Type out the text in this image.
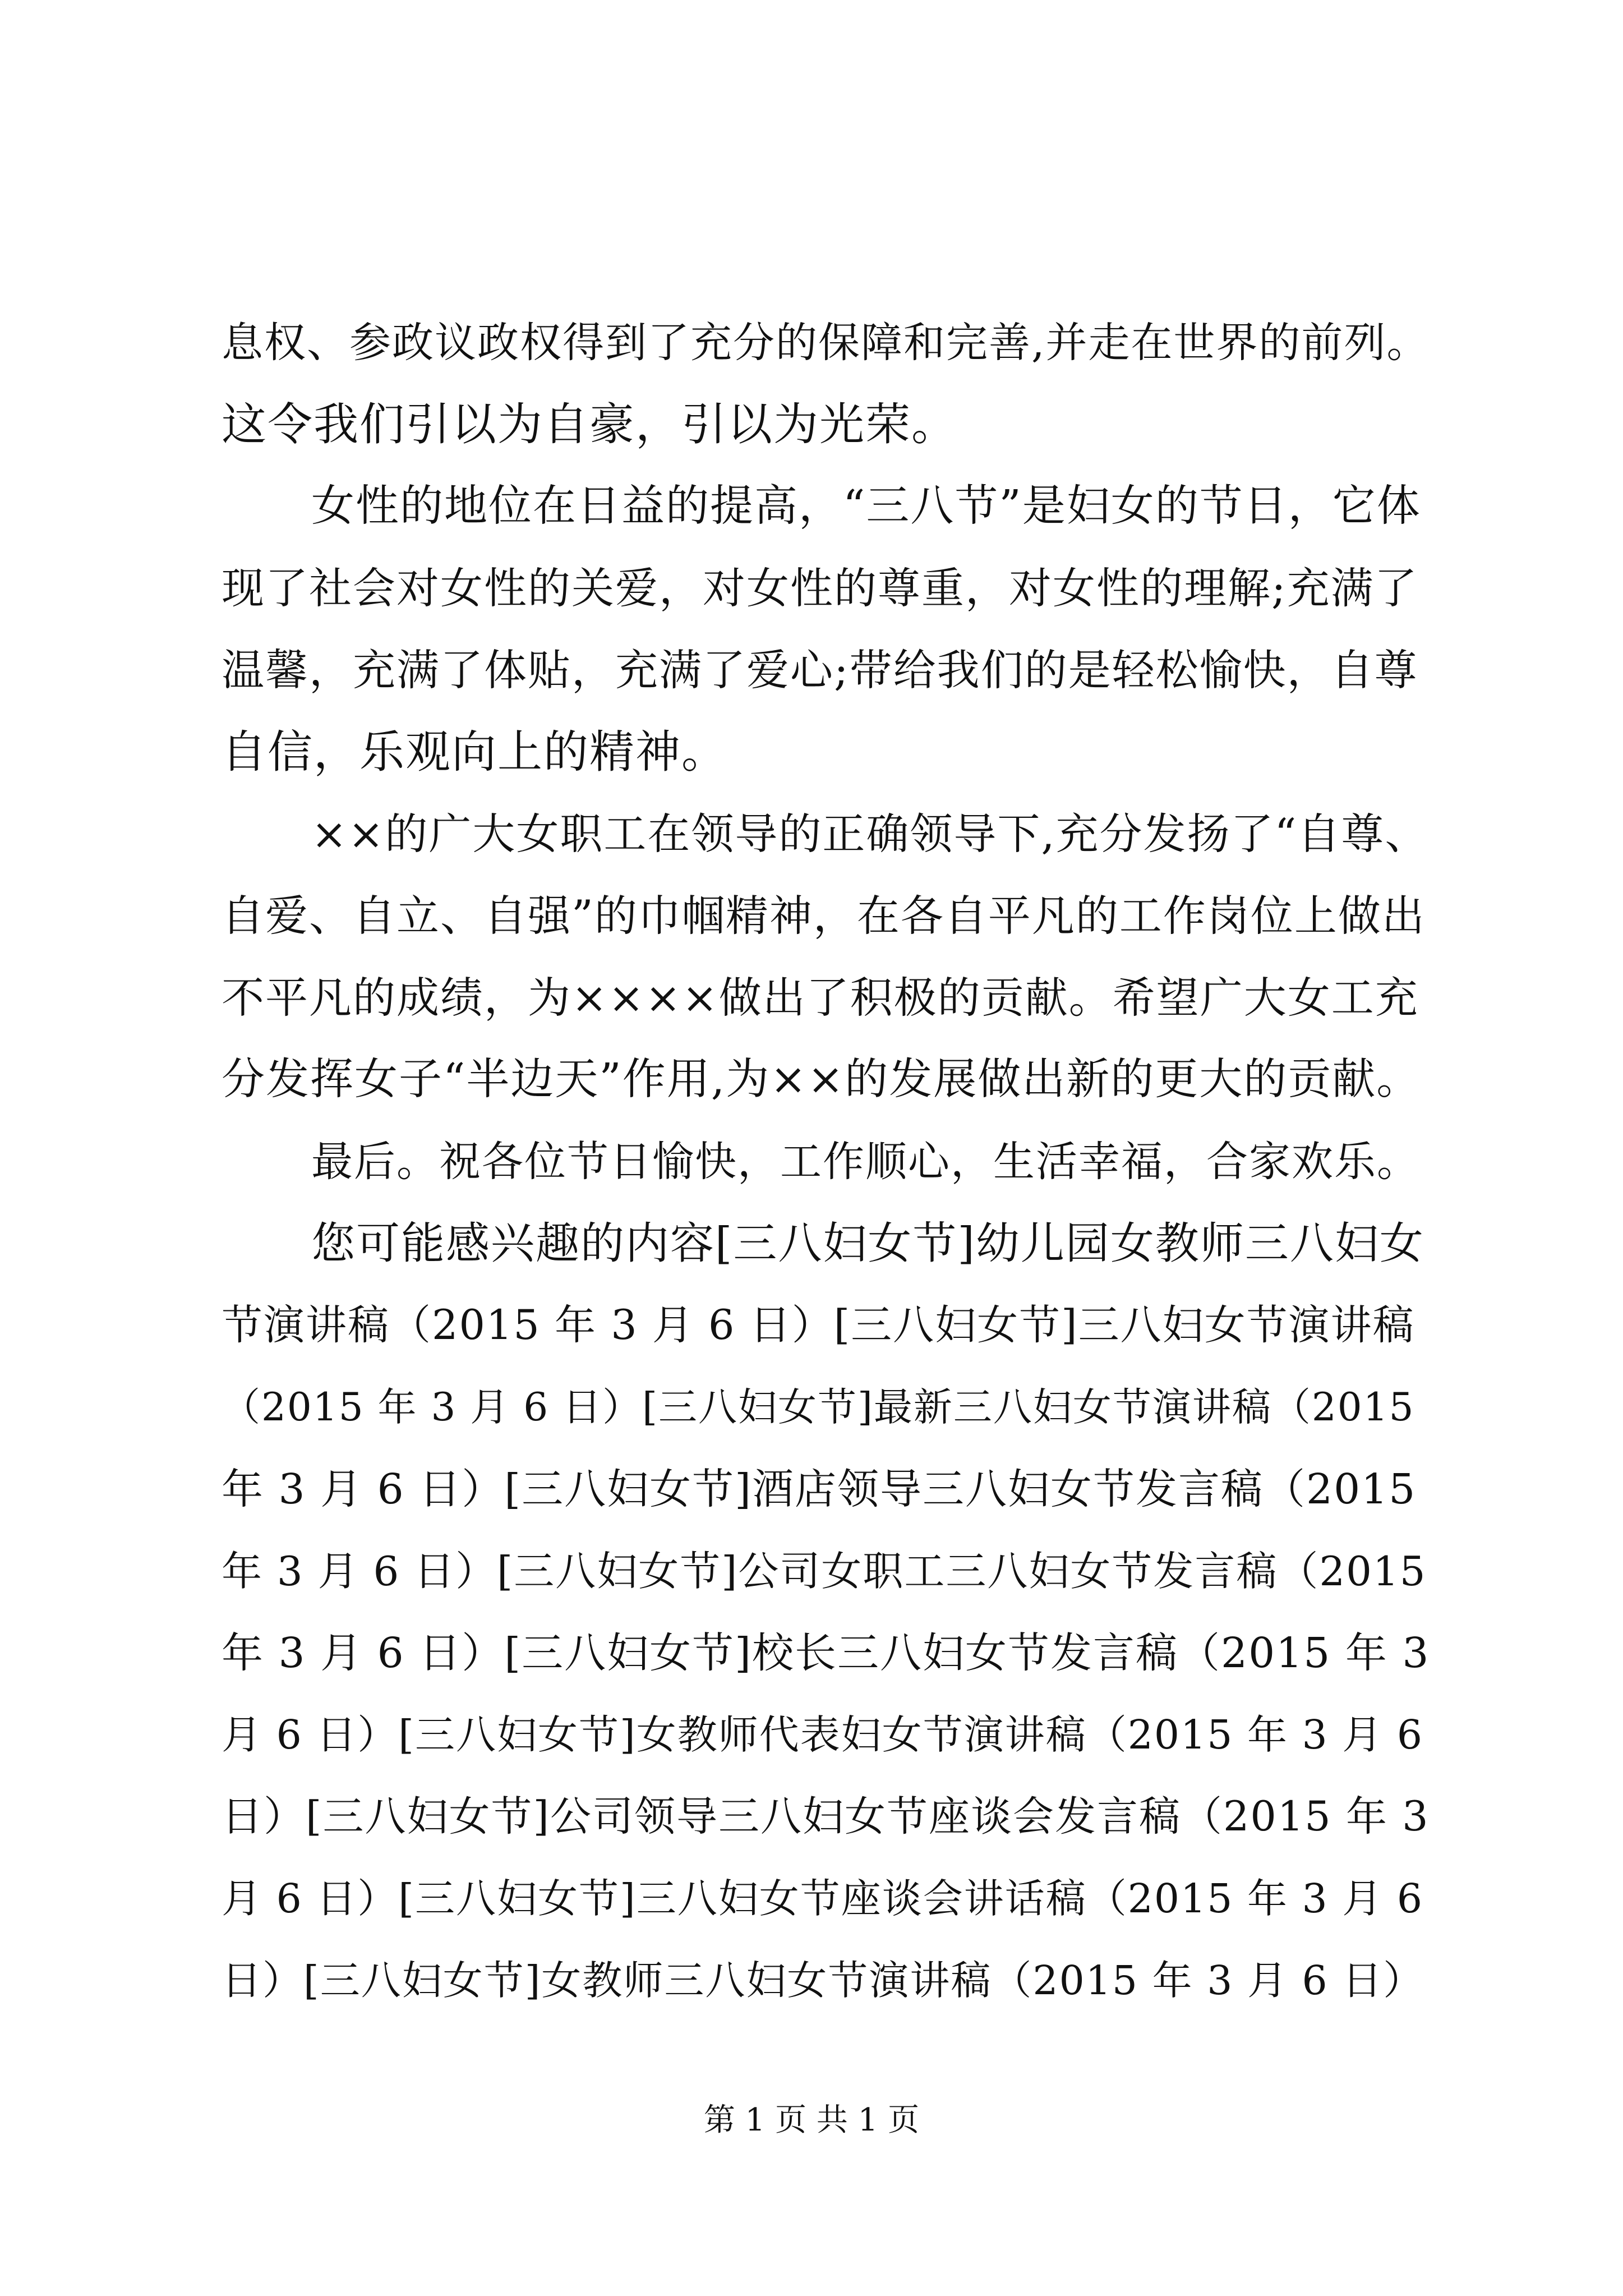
息权、参政议政权得到了充分的保障和完善,并走在世界的前列。
这令我们引以为自豪，引以为光荣。
女性的地位在日益的提高，“三八节”是妇女的节日，它体
现了社会对女性的关爱，对女性的尊重，对女性的理解;充满了
温馨，充满了体贴，充满了爱心;带给我们的是轻松愉快，自尊
自信，乐观向上的精神。
××的广大女职工在领导的正确领导下,充分发扬了“自尊、
自爱、自立、自强”的巾帼精神，在各自平凡的工作岗位上做出
不平凡的成绩，为××××做出了积极的贡献。希望广大女工充
分发挥女子“半边天”作用,为××的发展做出新的更大的贡献。
最后。祝各位节日愉快，工作顺心，生活幸福，合家欢乐。
您可能感兴趣的内容[三八妇女节]幼儿园女教师三八妇女
节演讲稿（2015 年 3 月 6 日）[三八妇女节]三八妇女节演讲稿
（2015 年 3 月 6 日）[三八妇女节]最新三八妇女节演讲稿（2015
年 3 月 6 日）[三八妇女节]酒店领导三八妇女节发言稿（2015
年 3 月 6 日）[三八妇女节]公司女职工三八妇女节发言稿（2015
年 3 月 6 日）[三八妇女节]校长三八妇女节发言稿（2015 年 3
月 6 日）[三八妇女节]女教师代表妇女节演讲稿（2015 年 3 月 6
日）[三八妇女节]公司领导三八妇女节座谈会发言稿（2015 年 3
月 6 日）[三八妇女节]三八妇女节座谈会讲话稿（2015 年 3 月 6
日）[三八妇女节]女教师三八妇女节演讲稿（2015 年 3 月 6 日）
第 1 页 共 1 页
